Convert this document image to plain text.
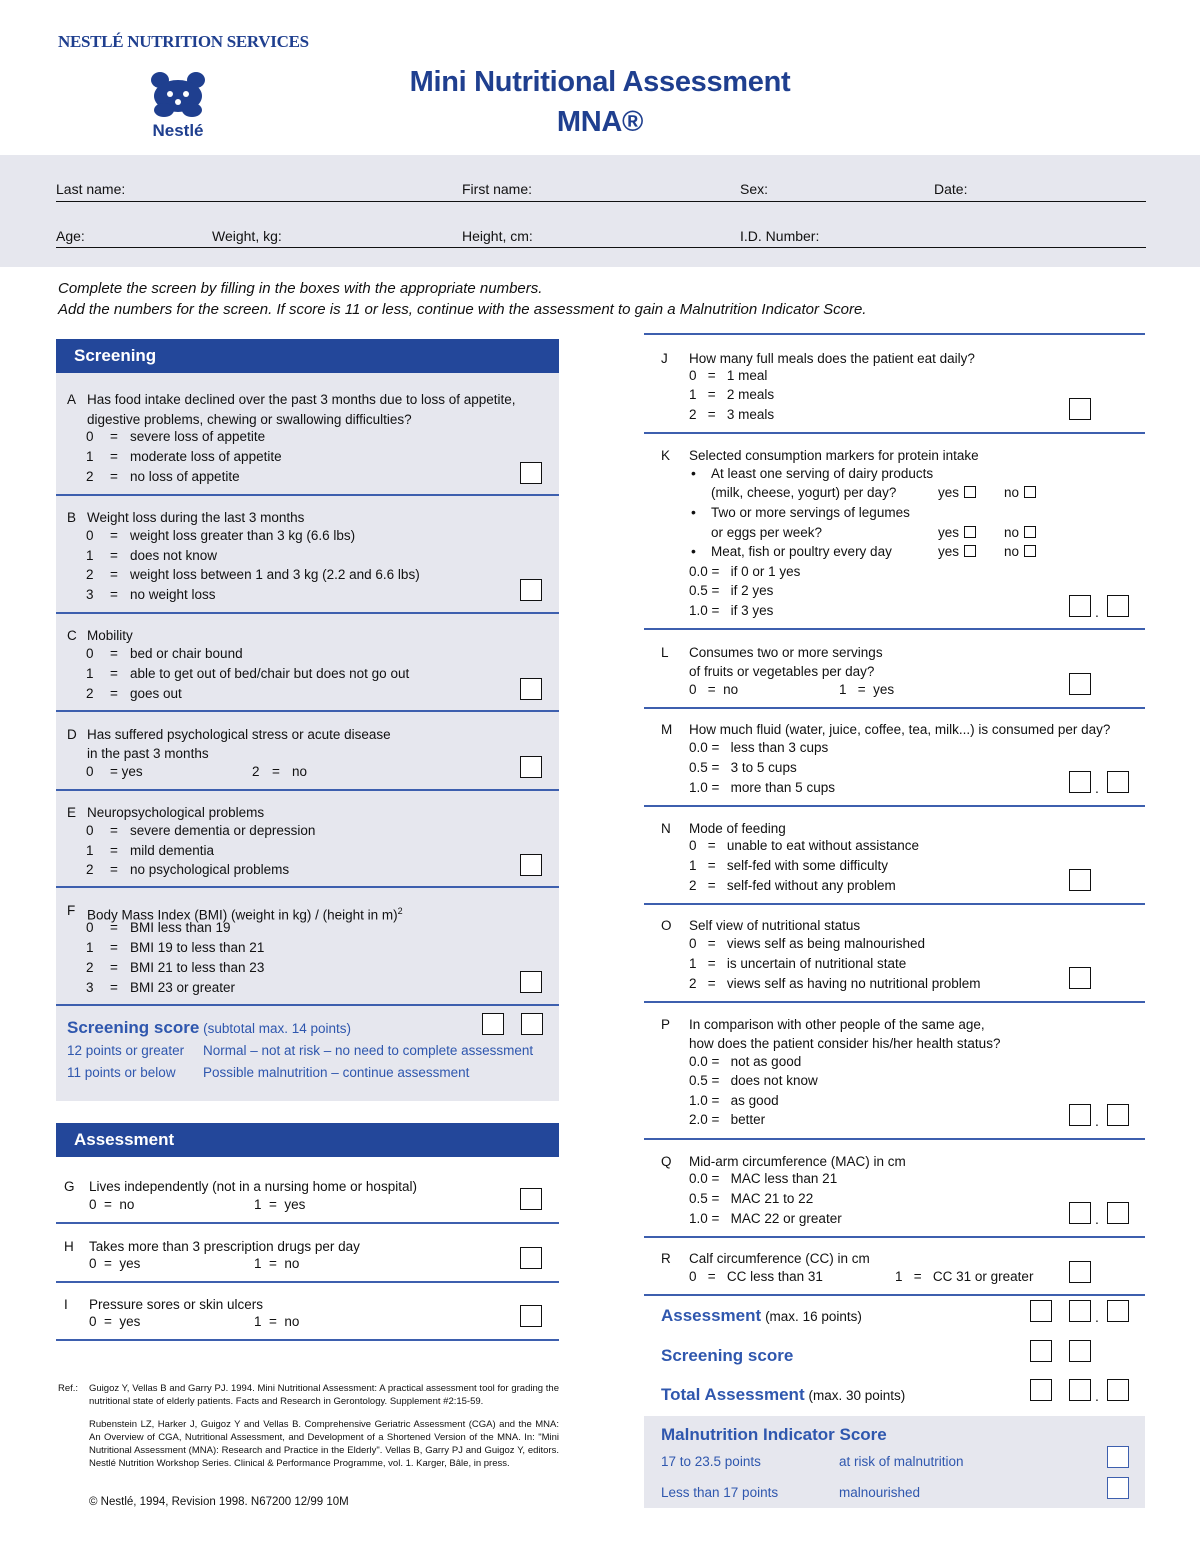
NESTLÉ NUTRITION SERVICES
Nestlé
Mini Nutritional Assessment
MNA®
Last name:	First name:	Sex:	Date:
Age:	Weight, kg:	Height, cm:	I.D. Number:
Complete the screen by filling in the boxes with the appropriate numbers.
Add the numbers for the screen. If score is 11 or less, continue with the assessment to gain a Malnutrition Indicator Score.
Screening
A Has food intake declined over the past 3 months due to loss of appetite,
digestive problems, chewing or swallowing difficulties?
0 = severe loss of appetite
1 = moderate loss of appetite
2 = no loss of appetite
B Weight loss during the last 3 months
0 = weight loss greater than 3 kg (6.6 lbs)
1 = does not know
2 = weight loss between 1 and 3 kg (2.2 and 6.6 lbs)
3 = no weight loss
C Mobility
0 = bed or chair bound
1 = able to get out of bed/chair but does not go out
2 = goes out
D Has suffered psychological stress or acute disease
in the past 3 months
0 = yes	2 = no
E Neuropsychological problems
0 = severe dementia or depression
1 = mild dementia
2 = no psychological problems
F Body Mass Index (BMI) (weight in kg) / (height in m)$^2$
0 = BMI less than 19
1 = BMI 19 to less than 21
2 = BMI 21 to less than 23
3 = BMI 23 or greater
Screening score (subtotal max. 14 points)
12 points or greater Normal – not at risk – no need to complete assessment
11 points or below Possible malnutrition – continue assessment
Assessment
G Lives independently (not in a nursing home or hospital)
0  =  no	1  =  yes
H Takes more than 3 prescription drugs per day
0  =  yes	1  =  no
I Pressure sores or skin ulcers
0  =  yes	1  =  no
Ref.: Guigoz Y, Vellas B and Garry PJ. 1994. Mini Nutritional Assessment: A practical assessment tool for grading the nutritional state of elderly patients. Facts and Research in Gerontology. Supplement #2:15-59.
Rubenstein LZ, Harker J, Guigoz Y and Vellas B. Comprehensive Geriatric Assessment (CGA) and the MNA: An Overview of CGA, Nutritional Assessment, and Development of a Shortened Version of the MNA. In: "Mini Nutritional Assessment (MNA): Research and Practice in the Elderly". Vellas B, Garry PJ and Guigoz Y, editors. Nestlé Nutrition Workshop Series. Clinical & Performance Programme, vol. 1. Karger, Bâle, in press.
© Nestlé, 1994, Revision 1998. N67200 12/99 10M
J How many full meals does the patient eat daily?
0   =   1 meal
1   =   2 meals
2   =   3 meals
K Selected consumption markers for protein intake
• At least one serving of dairy products
(milk, cheese, yogurt) per day?	yes	no
• Two or more servings of legumes
or eggs per week?	yes	no
• Meat, fish or poultry every day	yes	no
0.0 =   if 0 or 1 yes
0.5 =   if 2 yes
1.0 =   if 3 yes	.
L Consumes two or more servings
of fruits or vegetables per day?
0   =  no	1   =  yes
M How much fluid (water, juice, coffee, tea, milk...) is consumed per day?
0.0 =   less than 3 cups
0.5 =   3 to 5 cups
1.0 =   more than 5 cups	.
N Mode of feeding
0   =   unable to eat without assistance
1   =   self-fed with some difficulty
2   =   self-fed without any problem
O Self view of nutritional status
0   =   views self as being malnourished
1   =   is uncertain of nutritional state
2   =   views self as having no nutritional problem
P In comparison with other people of the same age,
how does the patient consider his/her health status?
0.0 =   not as good
0.5 =   does not know
1.0 =   as good
2.0 =   better	.
Q Mid-arm circumference (MAC) in cm
0.0 =   MAC less than 21
0.5 =   MAC 21 to 22
1.0 =   MAC 22 or greater	.
R Calf circumference (CC) in cm
0   =   CC less than 31	1   =   CC 31 or greater
Assessment (max. 16 points)	.
Screening score
Total Assessment (max. 30 points)	.
Malnutrition Indicator Score
17 to 23.5 points	at risk of malnutrition
Less than 17 points	malnourished
